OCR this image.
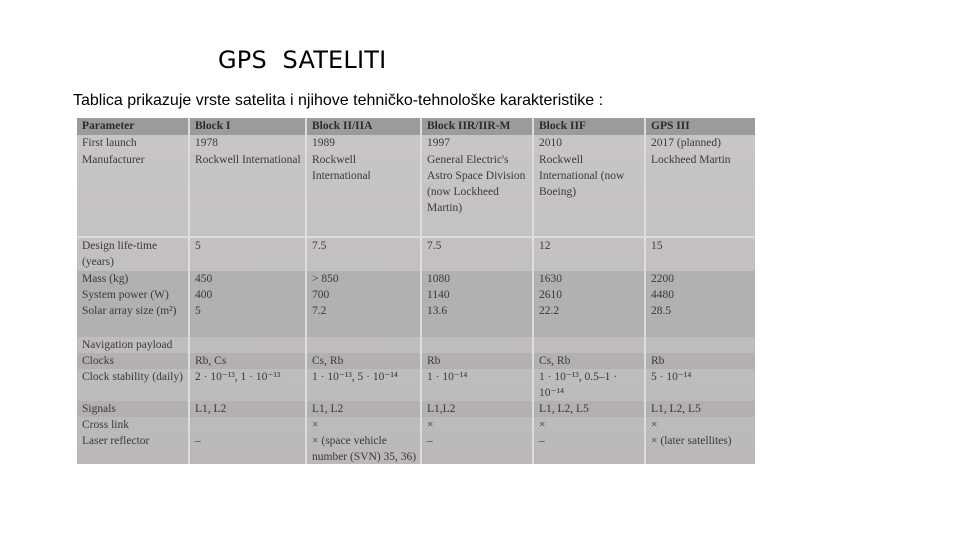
GPS  SATELITI
Tablica prikazuje vrste satelita i njihove tehničko-tehnološke karakteristike :
Parameter	Block I	Block II/IIA	Block IIR/IIR-M	Block IIF	GPS III
First launch	1978	1989	1997	2010	2017 (planned)
Manufacturer	Rockwell International	Rockwell International	General Electric's Astro Space Division (now Lockheed Martin)	Rockwell International (now Boeing)	Lockheed Martin
Design life-time (years)	5	7.5	7.5	12	15
Mass (kg)	450	> 850	1080	1630	2200
System power (W)	400	700	1140	2610	4480
Solar array size (m²)	5	7.2	13.6	22.2	28.5
Navigation payload					
Clocks	Rb, Cs	Cs, Rb	Rb	Cs, Rb	Rb
Clock stability (daily)	2 · 10⁻¹³, 1 · 10⁻¹³	1 · 10⁻¹³, 5 · 10⁻¹⁴	1 · 10⁻¹⁴	1 · 10⁻¹³, 0.5–1 · 10⁻¹⁴	5 · 10⁻¹⁴
Signals	L1, L2	L1, L2	L1,L2	L1, L2, L5	L1, L2, L5
Cross link		×	×	×	×
Laser reflector	–	× (space vehicle number (SVN) 35, 36)	–	–	× (later satellites)
